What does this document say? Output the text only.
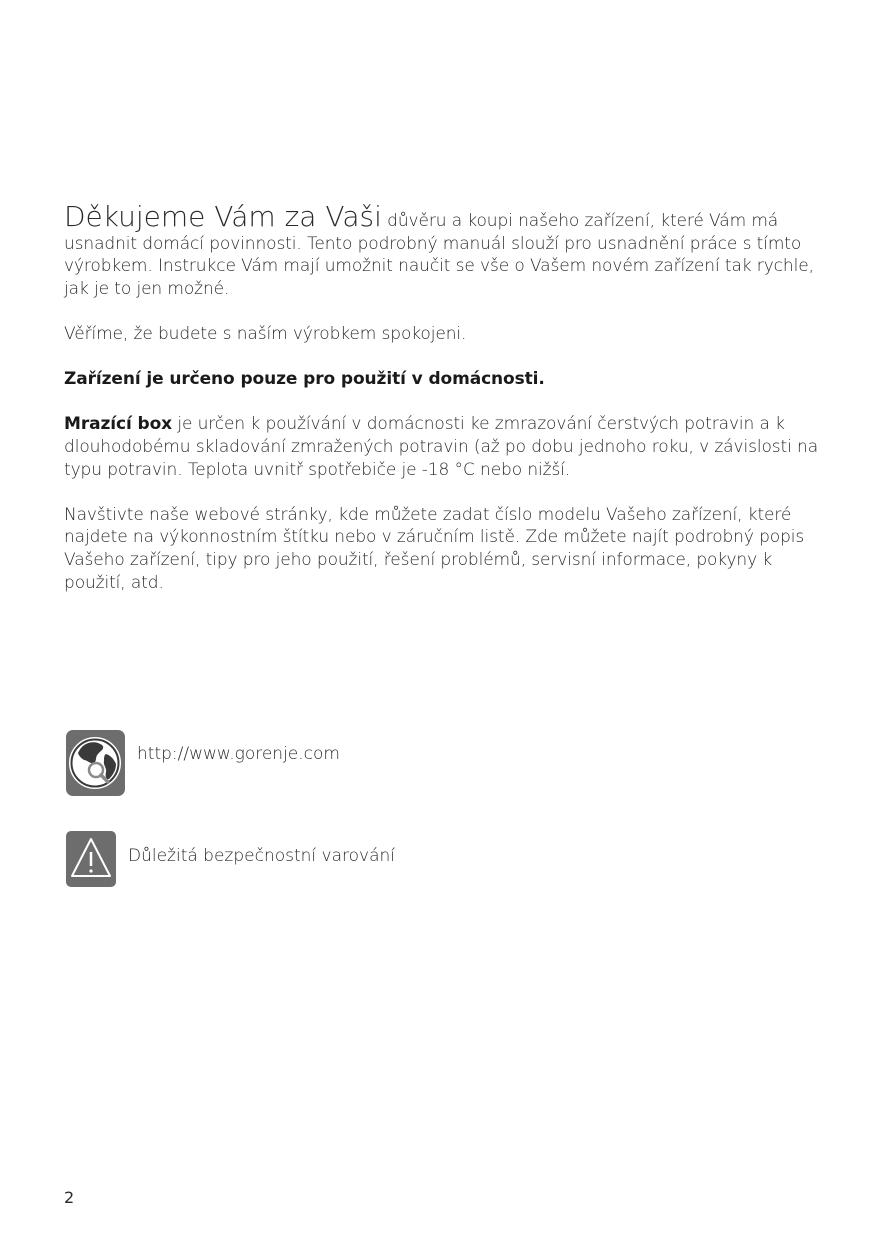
Děkujeme Vám za Vaši důvěru a koupi našeho zařízení, které Vám má usnadnit domácí povinnosti. Tento podrobný manuál slouží pro usnadnění práce s tímto výrobkem. Instrukce Vám mají umožnit naučit se vše o Vašem novém zařízení tak rychle, jak je to jen možné.

Věříme, že budete s naším výrobkem spokojeni.

Zařízení je určeno pouze pro použití v domácnosti.

Mrazící box je určen k používání v domácnosti ke zmrazování čerstvých potravin a k dlouhodobému skladování zmražených potravin (až po dobu jednoho roku, v závislosti na typu potravin. Teplota uvnitř spotřebiče je -18 °C nebo nižší.

Navštivte naše webové stránky, kde můžete zadat číslo modelu Vašeho zařízení, které najdete na výkonnostním štítku nebo v záručním listě. Zde můžete najít podrobný popis Vašeho zařízení, tipy pro jeho použití, řešení problémů, servisní informace, pokyny k použití, atd.

http://www.gorenje.com
Důležitá bezpečnostní varování
2
